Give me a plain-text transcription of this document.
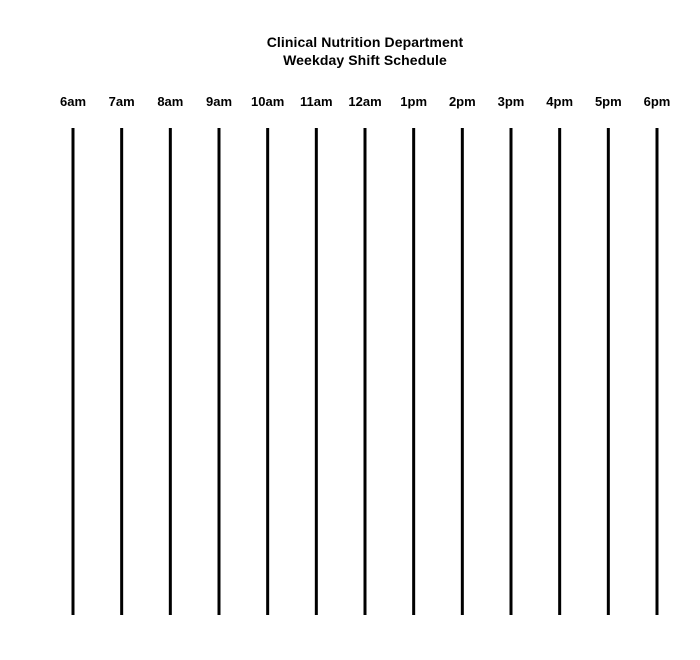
Clinical Nutrition Department
Weekday Shift Schedule
6am 7am 8am 9am 10am 11am 12am 1pm 2pm 3pm 4pm 5pm 6pm
